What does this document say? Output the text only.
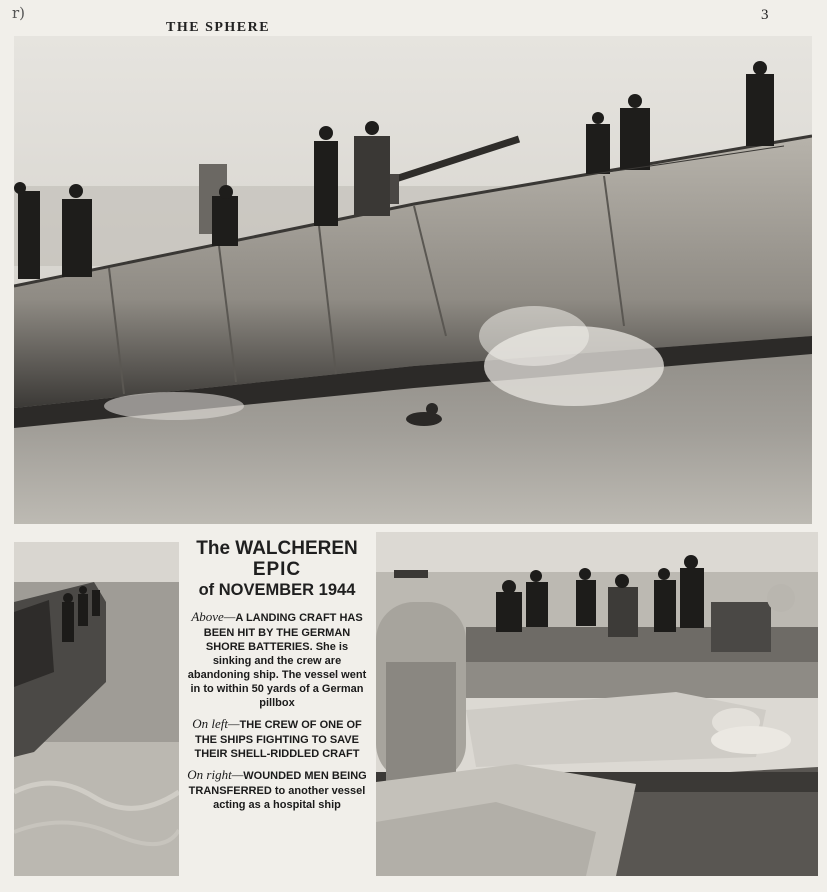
r)
THE SPHERE
3
The WALCHEREN
EPIC
of NOVEMBER 1944

Above—A LANDING CRAFT HAS BEEN HIT BY THE GERMAN SHORE BATTERIES. She is sinking and the crew are abandoning ship. The vessel went in to within 50 yards of a German pillbox

On left—THE CREW OF ONE OF THE SHIPS FIGHTING TO SAVE THEIR SHELL-RIDDLED CRAFT

On right—WOUNDED MEN BEING TRANSFERRED to another vessel acting as a hospital ship
